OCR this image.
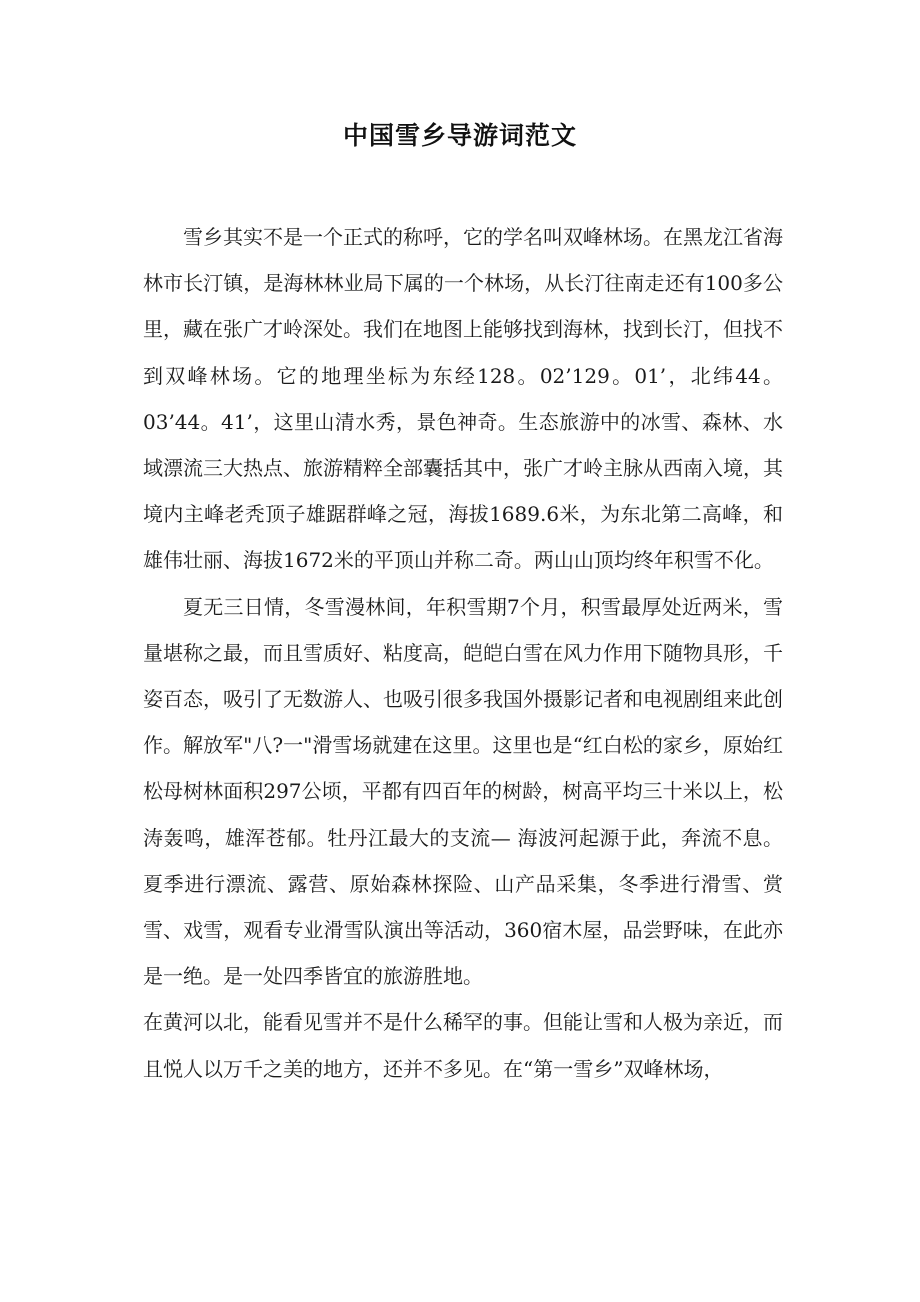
中国雪乡导游词范文

雪乡其实不是一个正式的称呼，它的学名叫双峰林场。在黑龙江省海林市长汀镇，是海林林业局下属的一个林场，从长汀往南走还有100多公里，藏在张广才岭深处。我们在地图上能够找到海林，找到长汀，但找不到双峰林场。它的地理坐标为东经128。02’129。01’，北纬44。03’44。41’，这里山清水秀，景色神奇。生态旅游中的冰雪、森林、水域漂流三大热点、旅游精粹全部囊括其中，张广才岭主脉从西南入境，其境内主峰老秃顶子雄踞群峰之冠，海拔1689.6米，为东北第二高峰，和雄伟壮丽、海拔1672米的平顶山并称二奇。两山山顶均终年积雪不化。

夏无三日情，冬雪漫林间，年积雪期7个月，积雪最厚处近两米，雪量堪称之最，而且雪质好、粘度高，皑皑白雪在风力作用下随物具形，千姿百态，吸引了无数游人、也吸引很多我国外摄影记者和电视剧组来此创作。解放军"八?一"滑雪场就建在这里。这里也是“红白松的家乡，原始红松母树林面积297公顷，平都有四百年的树龄，树高平均三十米以上，松涛轰鸣，雄浑苍郁。牡丹江最大的支流— 海波河起源于此，奔流不息。夏季进行漂流、露营、原始森林探险、山产品采集，冬季进行滑雪、赏雪、戏雪，观看专业滑雪队演出等活动，360宿木屋，品尝野味，在此亦是一绝。是一处四季皆宜的旅游胜地。

在黄河以北，能看见雪并不是什么稀罕的事。但能让雪和人极为亲近，而且悦人以万千之美的地方，还并不多见。在“第一雪乡”双峰林场，
